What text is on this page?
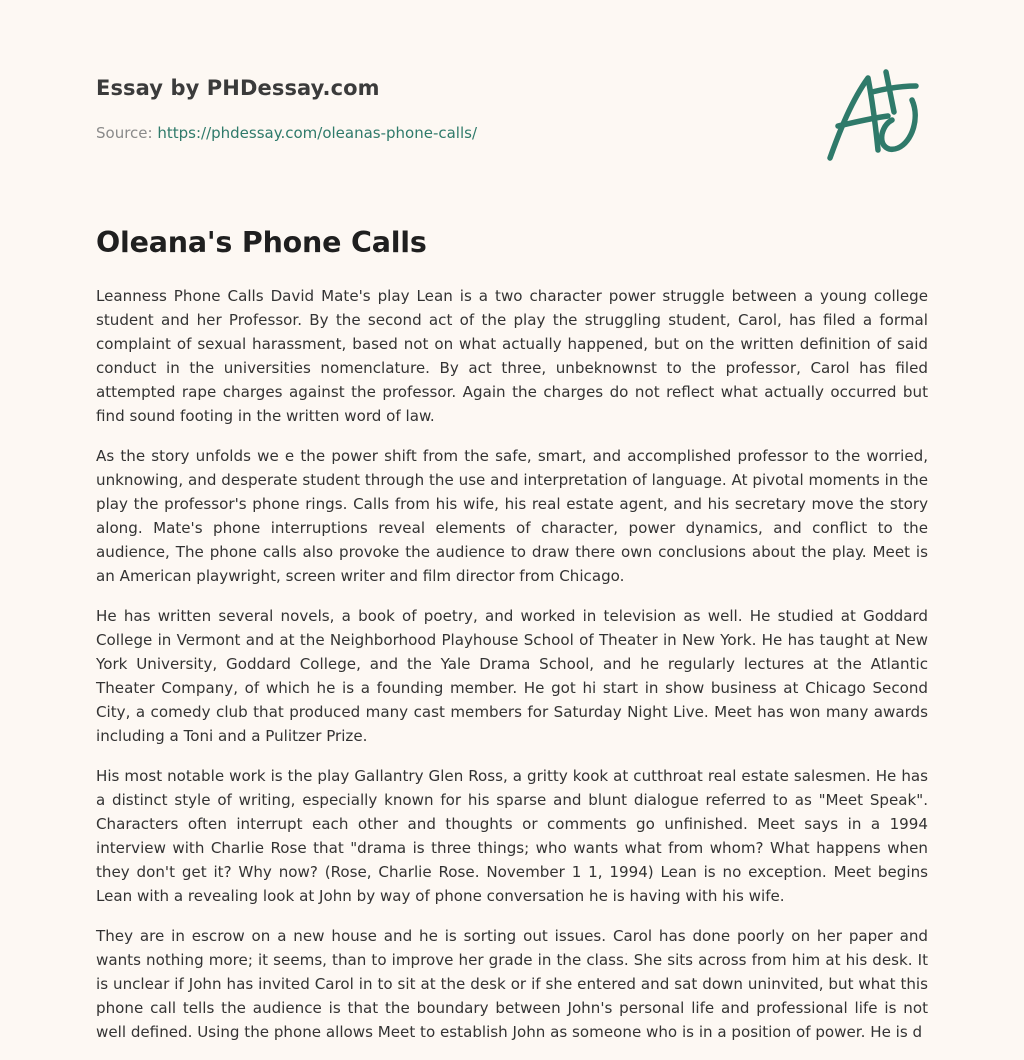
Essay by PHDessay.com
Source: https://phdessay.com/oleanas-phone-calls/
Oleana's Phone Calls

Leanness Phone Calls David Mate's play Lean is a two character power struggle between a young college student and her Professor. By the second act of the play the struggling student, Carol, has filed a formal complaint of sexual harassment, based not on what actually happened, but on the written definition of said conduct in the universities nomenclature. By act three, unbeknownst to the professor, Carol has filed attempted rape charges against the professor. Again the charges do not reflect what actually occurred but find sound footing in the written word of law.

As the story unfolds we e the power shift from the safe, smart, and accomplished professor to the worried, unknowing, and desperate student through the use and interpretation of language. At pivotal moments in the play the professor's phone rings. Calls from his wife, his real estate agent, and his secretary move the story along. Mate's phone interruptions reveal elements of character, power dynamics, and conflict to the audience, The phone calls also provoke the audience to draw there own conclusions about the play. Meet is an American playwright, screen writer and film director from Chicago.

He has written several novels, a book of poetry, and worked in television as well. He studied at Goddard College in Vermont and at the Neighborhood Playhouse School of Theater in New York. He has taught at New York University, Goddard College, and the Yale Drama School, and he regularly lectures at the Atlantic Theater Company, of which he is a founding member. He got hi start in show business at Chicago Second City, a comedy club that produced many cast members for Saturday Night Live. Meet has won many awards including a Toni and a Pulitzer Prize.

His most notable work is the play Gallantry Glen Ross, a gritty kook at cutthroat real estate salesmen. He has a distinct style of writing, especially known for his sparse and blunt dialogue referred to as "Meet Speak". Characters often interrupt each other and thoughts or comments go unfinished. Meet says in a 1994 interview with Charlie Rose that "drama is three things; who wants what from whom? What happens when they don't get it? Why now? (Rose, Charlie Rose. November 1 1, 1994) Lean is no exception. Meet begins Lean with a revealing look at John by way of phone conversation he is having with his wife.

They are in escrow on a new house and he is sorting out issues. Carol has done poorly on her paper and wants nothing more; it seems, than to improve her grade in the class. She sits across from him at his desk. It is unclear if John has invited Carol in to sit at the desk or if she entered and sat down uninvited, but what this phone call tells the audience is that the boundary between John's personal life and professional life is not well defined. Using the phone allows Meet to establish John as someone who is in a position of power. He is d
